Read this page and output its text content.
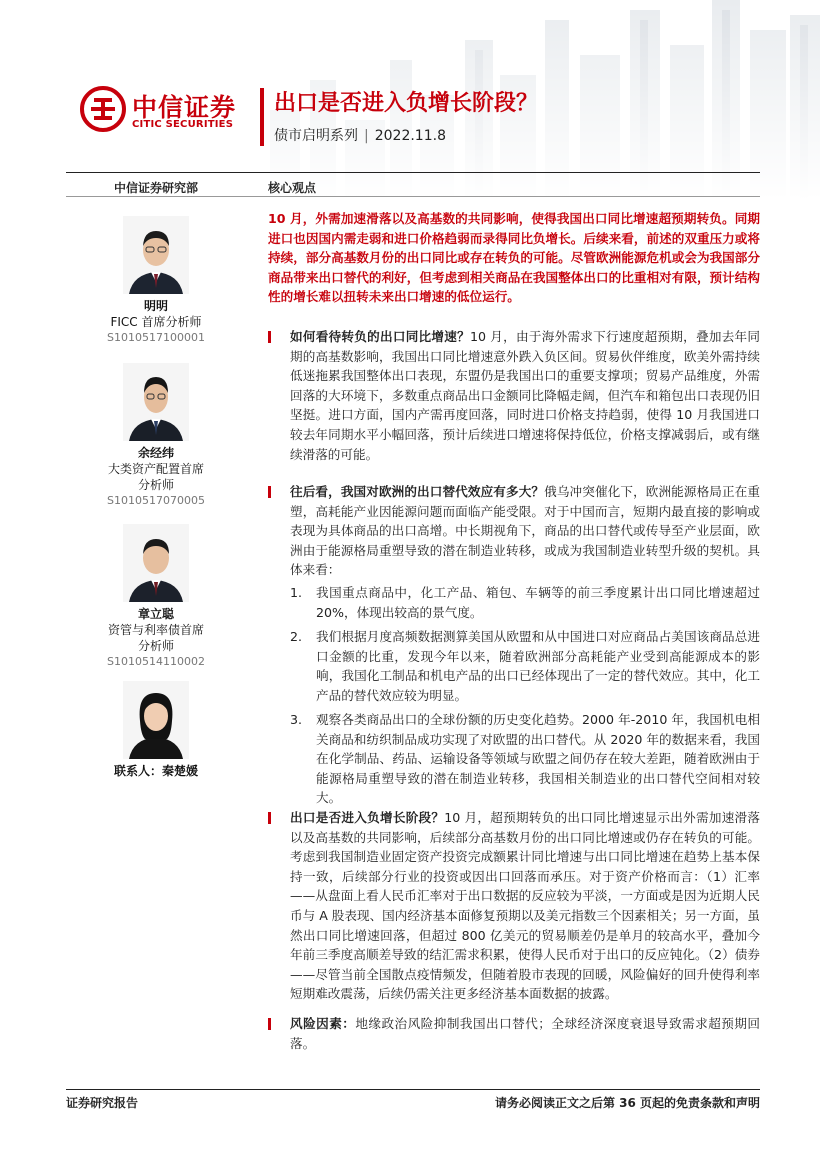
中信证券
CITIC SECURITIES
出口是否进入负增长阶段？
债市启明系列 | 2022.11.8
中信证券研究部	核心观点
明明
FICC 首席分析师
S1010517100001
余经纬
大类资产配置首席
分析师
S1010517070005
章立聪
资管与利率债首席
分析师
S1010514110002
联系人：秦楚媛
10 月，外需加速滑落以及高基数的共同影响，使得我国出口同比增速超预期转负。同期进口也因国内需走弱和进口价格趋弱而录得同比负增长。后续来看，前述的双重压力或将持续，部分高基数月份的出口同比或存在转负的可能。尽管欧洲能源危机或会为我国部分商品带来出口替代的利好，但考虑到相关商品在我国整体出口的比重相对有限，预计结构性的增长难以扭转未来出口增速的低位运行。
如何看待转负的出口同比增速？10 月，由于海外需求下行速度超预期，叠加去年同期的高基数影响，我国出口同比增速意外跌入负区间。贸易伙伴维度，欧美外需持续低迷拖累我国整体出口表现，东盟仍是我国出口的重要支撑项；贸易产品维度，外需回落的大环境下，多数重点商品出口金额同比降幅走阔，但汽车和箱包出口表现仍旧坚挺。进口方面，国内产需再度回落，同时进口价格支持趋弱，使得 10 月我国进口较去年同期水平小幅回落，预计后续进口增速将保持低位，价格支撑减弱后，或有继续滑落的可能。
往后看，我国对欧洲的出口替代效应有多大？俄乌冲突催化下，欧洲能源格局正在重塑，高耗能产业因能源问题而面临产能受限。对于中国而言，短期内最直接的影响或表现为具体商品的出口高增。中长期视角下，商品的出口替代或传导至产业层面，欧洲由于能源格局重塑导致的潜在制造业转移，或成为我国制造业转型升级的契机。具体来看：
1. 我国重点商品中，化工产品、箱包、车辆等的前三季度累计出口同比增速超过 20%，体现出较高的景气度。
2. 我们根据月度高频数据测算美国从欧盟和从中国进口对应商品占美国该商品总进口金额的比重，发现今年以来，随着欧洲部分高耗能产业受到高能源成本的影响，我国化工制品和机电产品的出口已经体现出了一定的替代效应。其中，化工产品的替代效应较为明显。
3. 观察各类商品出口的全球份额的历史变化趋势。2000 年-2010 年，我国机电相关商品和纺织制品成功实现了对欧盟的出口替代。从 2020 年的数据来看，我国在化学制品、药品、运输设备等领域与欧盟之间仍存在较大差距，随着欧洲由于能源格局重塑导致的潜在制造业转移，我国相关制造业的出口替代空间相对较大。
出口是否进入负增长阶段？10 月，超预期转负的出口同比增速显示出外需加速滑落以及高基数的共同影响，后续部分高基数月份的出口同比增速或仍存在转负的可能。考虑到我国制造业固定资产投资完成额累计同比增速与出口同比增速在趋势上基本保持一致，后续部分行业的投资或因出口回落而承压。对于资产价格而言：（1）汇率——从盘面上看人民币汇率对于出口数据的反应较为平淡，一方面或是因为近期人民币与 A 股表现、国内经济基本面修复预期以及美元指数三个因素相关；另一方面，虽然出口同比增速回落，但超过 800 亿美元的贸易顺差仍是单月的较高水平，叠加今年前三季度高顺差导致的结汇需求积累，使得人民币对于出口的反应钝化。（2）债券——尽管当前全国散点疫情频发，但随着股市表现的回暖，风险偏好的回升使得利率短期难改震荡，后续仍需关注更多经济基本面数据的披露。
风险因素：地缘政治风险抑制我国出口替代；全球经济深度衰退导致需求超预期回落。
证券研究报告	请务必阅读正文之后第 36 页起的免责条款和声明
